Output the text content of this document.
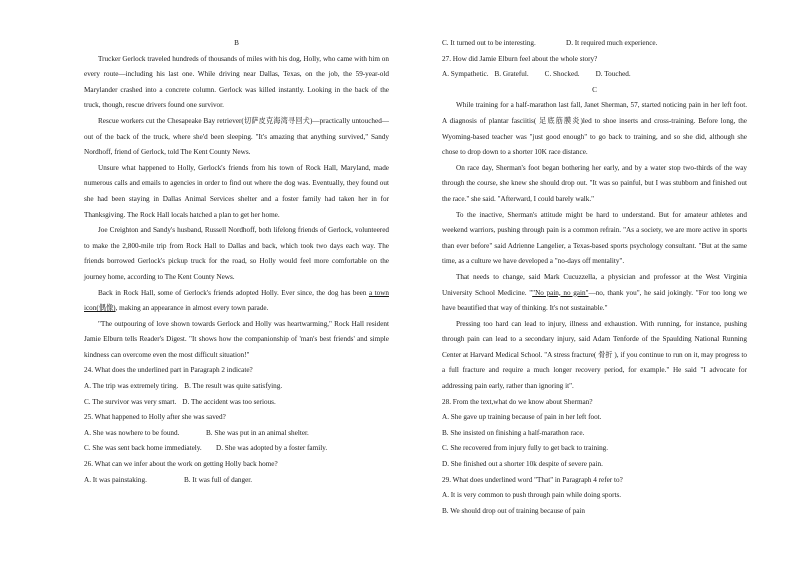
B

Trucker Gerlock traveled hundreds of thousands of miles with his dog, Holly, who came with him on every route—including his last one. While driving near Dallas, Texas, on the job, the 59-year-old Marylander crashed into a concrete column. Gerlock was killed instantly. Looking in the back of the truck, though, rescue drivers found one survivor.

Rescue workers cut the Chesapeake Bay retriever(切萨皮克海湾寻回犬)—practically untouched—out of the back of the truck, where she'd been sleeping. "It's amazing that anything survived," Sandy Nordhoff, friend of Gerlock, told The Kent County News.

Unsure what happened to Holly, Gerlock's friends from his town of Rock Hall, Maryland, made numerous calls and emails to agencies in order to find out where the dog was. Eventually, they found out she had been staying in Dallas Animal Services shelter and a foster family had taken her in for Thanksgiving. The Rock Hall locals hatched a plan to get her home.

Joe Creighton and Sandy's husband, Russell Nordhoff, both lifelong friends of Gerlock, volunteered to make the 2,800-mile trip from Rock Hall to Dallas and back, which took two days each way. The friends borrowed Gerlock's pickup truck for the road, so Holly would feel more comfortable on the journey home, according to The Kent County News.

Back in Rock Hall, some of Gerlock's friends adopted Holly. Ever since, the dog has been a town icon(偶像), making an appearance in almost every town parade.

"The outpouring of love shown towards Gerlock and Holly was heartwarming," Rock Hall resident Jamie Elburn tells Reader's Digest. "It shows how the companionship of 'man's best friends' and simple kindness can overcome even the most difficult situation!"

24. What does the underlined part in Paragraph 2 indicate?

A. The trip was extremely tiring. B. The result was quite satisfying.

C. The survivor was very smart. D. The accident was too serious.

25. What happened to Holly after she was saved?

A. She was nowhere to be found.	B. She was put in an animal shelter.

C. She was sent back home immediately. D. She was adopted by a foster family.

26. What can we infer about the work on getting Holly back home?

A. It was painstaking.	B. It was full of danger.

C. It turned out to be interesting.	D. It required much experience.

27. How did Jamie Elburn feel about the whole story?

A. Sympathetic. B. Grateful. C. Shocked. D. Touched.

C

While training for a half-marathon last fall, Janet Sherman, 57, started noticing pain in her left foot. A diagnosis of plantar fasciitis( 足底筋膜炎)led to shoe inserts and cross-training. Before long, the Wyoming-based teacher was "just good enough" to go back to training, and so she did, although she chose to drop down to a shorter 10K race distance.

On race day, Sherman's foot began bothering her early, and by a water stop two-thirds of the way through the course, she knew she should drop out. "It was so painful, but I was stubborn and finished out the race." she said. "Afterward, I could barely walk."

To the inactive, Sherman's attitude might be hard to understand. But for amateur athletes and weekend warriors, pushing through pain is a common refrain. "As a society, we are more active in sports than ever before" said Adrienne Langelier, a Texas-based sports psychology consultant. "But at the same time, as a culture we have developed a "no-days off mentality".

That needs to change, said Mark Cucuzzella, a physician and professor at the West Virginia University School Medicine. ""No pain, no gain"—no, thank you", he said jokingly. "For too long we have beautified that way of thinking. It's not sustainable."

Pressing too hard can lead to injury, illness and exhaustion. With running, for instance, pushing through pain can lead to a secondary injury, said Adam Tenforde of the Spaulding National Running Center at Harvard Medical School. "A stress fracture( 骨折 ), if you continue to run on it, may progress to a full fracture and require a much longer recovery period, for example." He said "I advocate for addressing pain early, rather than ignoring it".

28. From the text,what do we know about Sherman?

A. She gave up training because of pain in her left foot.

B. She insisted on finishing a half-marathon race.

C. She recovered from injury fully to get back to training.

D. She finished out a shorter 10k despite of severe pain.

29. What does underlined word "That" in Paragraph 4 refer to?

A. It is very common to push through pain while doing sports.

B. We should drop out of training because of pain
